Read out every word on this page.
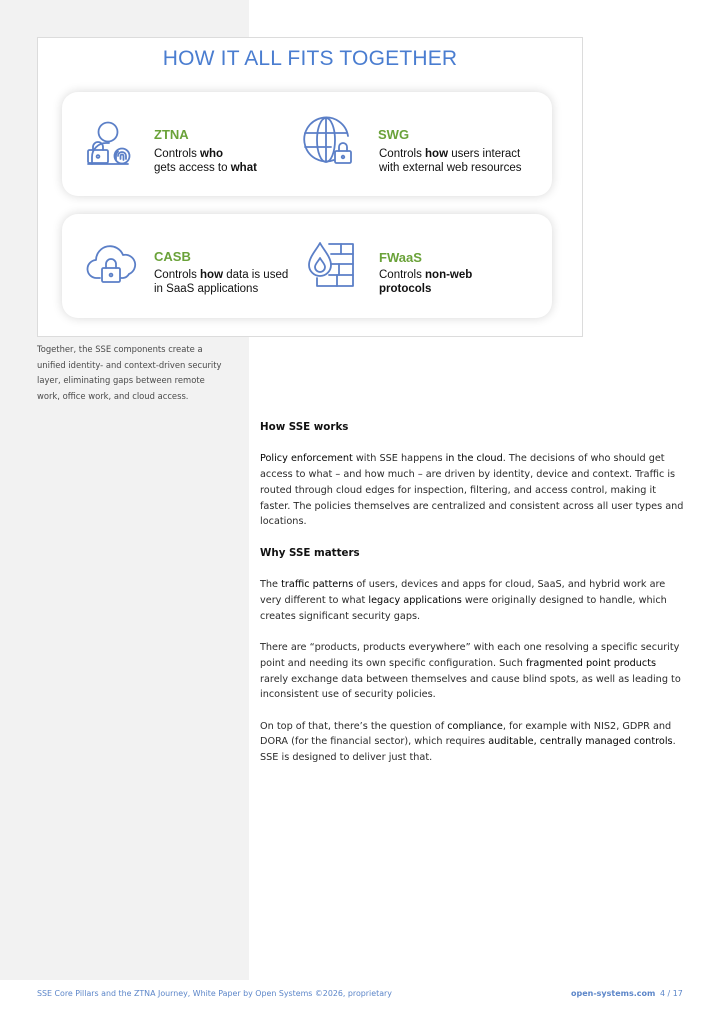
HOW IT ALL FITS TOGETHER
ZTNA
Controls who
gets access to what
SWG
Controls how users interact
with external web resources
CASB
Controls how data is used
in SaaS applications
FWaaS
Controls non-web
protocols
Together, the SSE components create a unified identity- and context-driven security layer, eliminating gaps between remote work, office work, and cloud access.
How SSE works

Policy enforcement with SSE happens in the cloud. The decisions of who should get access to what – and how much – are driven by identity, device and context. Traffic is routed through cloud edges for inspection, filtering, and access control, making it faster. The policies themselves are centralized and consistent across all user types and locations.

Why SSE matters

The traffic patterns of users, devices and apps for cloud, SaaS, and hybrid work are very different to what legacy applications were originally designed to handle, which creates significant security gaps.

There are “products, products everywhere” with each one resolving a specific security point and needing its own specific configuration. Such fragmented point products rarely exchange data between themselves and cause blind spots, as well as leading to inconsistent use of security policies.

On top of that, there’s the question of compliance, for example with NIS2, GDPR and DORA (for the financial sector), which requires auditable, centrally managed controls. SSE is designed to deliver just that.

SSE Core Pillars and the ZTNA Journey, White Paper by Open Systems ©2026, proprietary	open-systems.com 4 / 17
